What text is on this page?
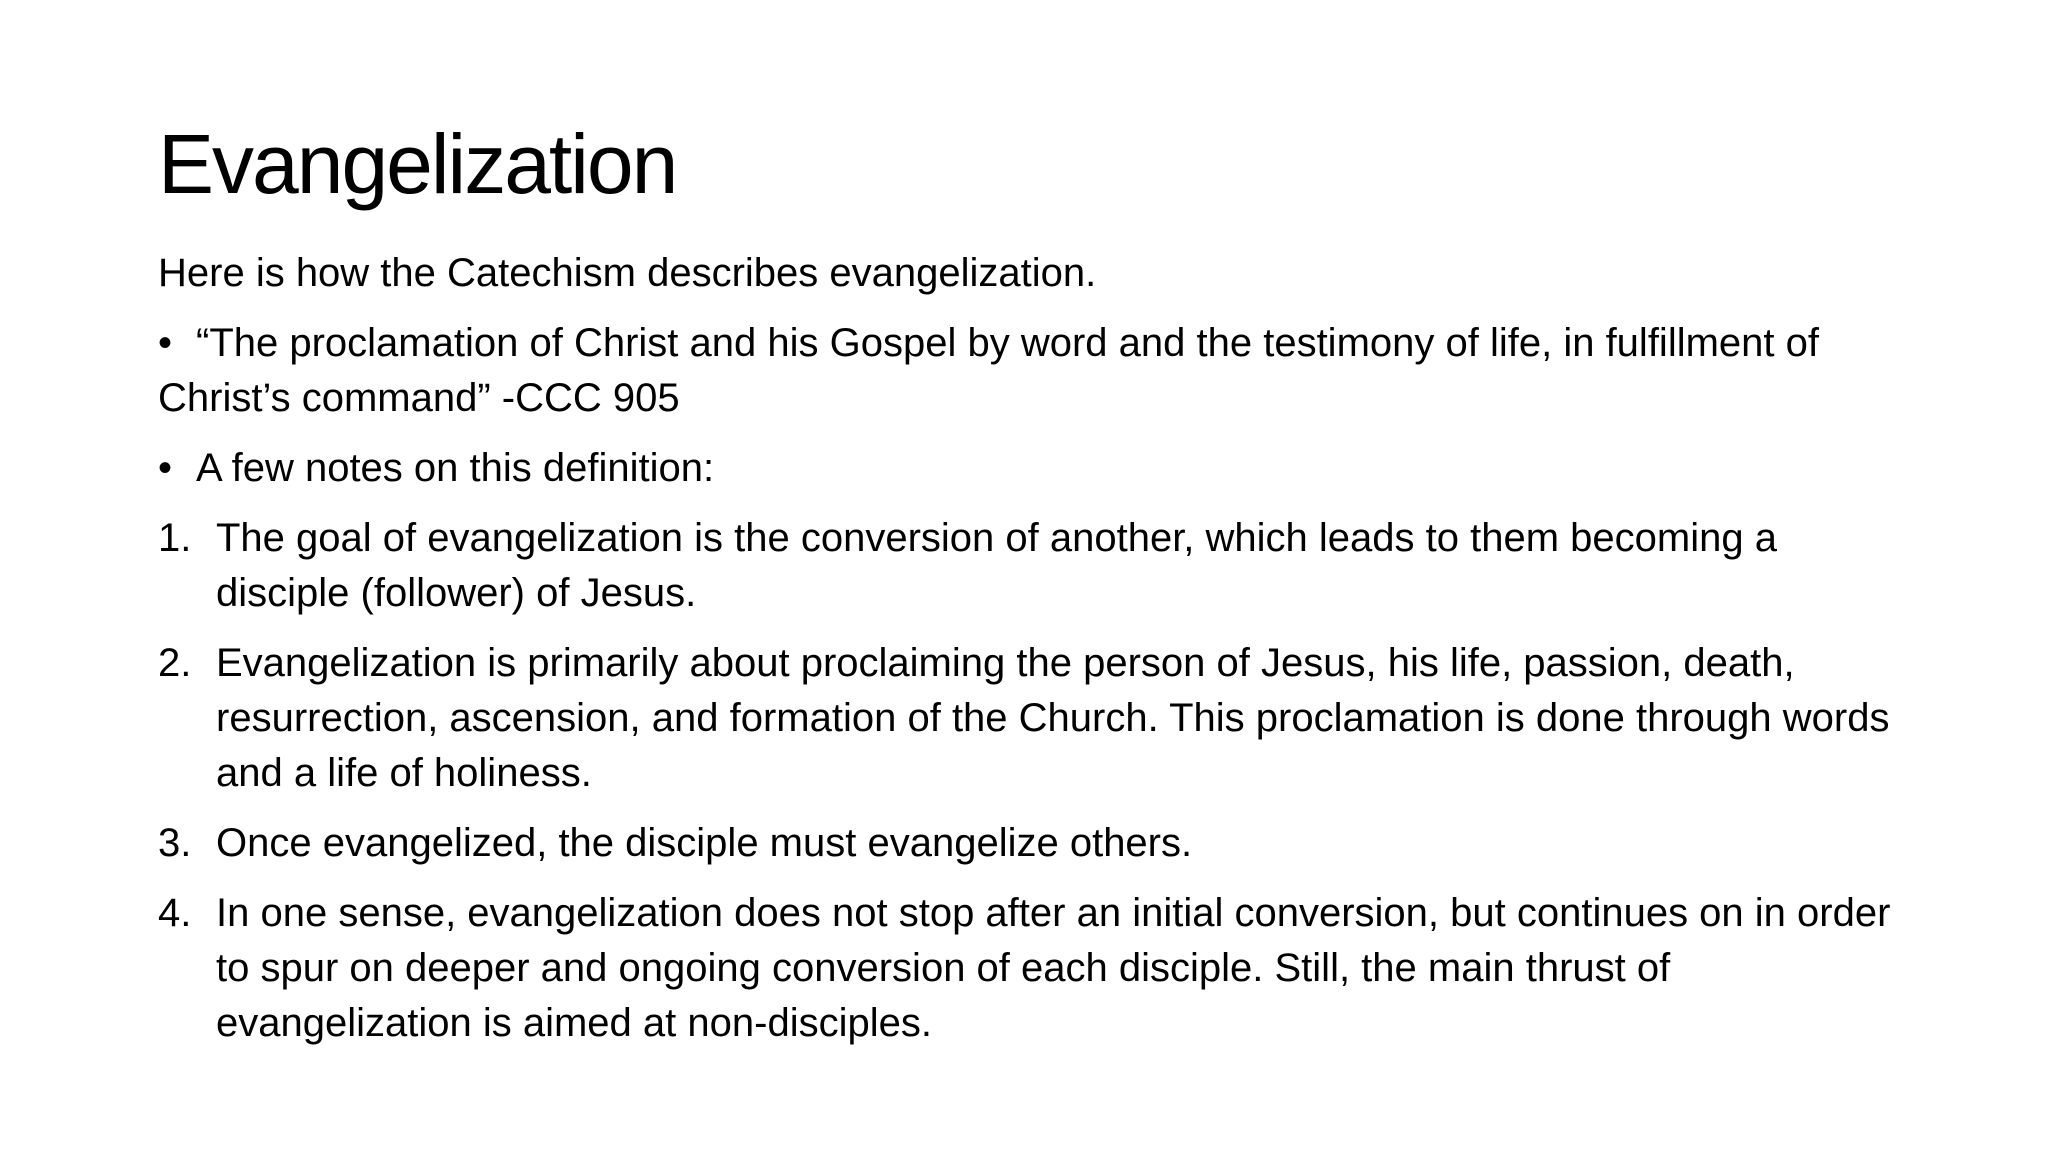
Evangelization

Here is how the Catechism describes evangelization.

• “The proclamation of Christ and his Gospel by word and the testimony of life, in fulfillment of Christ’s command” -CCC 905
• A few notes on this definition:
1. The goal of evangelization is the conversion of another, which leads to them becoming a disciple (follower) of Jesus.
2. Evangelization is primarily about proclaiming the person of Jesus, his life, passion, death, resurrection, ascension, and formation of the Church. This proclamation is done through words and a life of holiness.
3. Once evangelized, the disciple must evangelize others.
4. In one sense, evangelization does not stop after an initial conversion, but continues on in order to spur on deeper and ongoing conversion of each disciple. Still, the main thrust of evangelization is aimed at non-disciples.
